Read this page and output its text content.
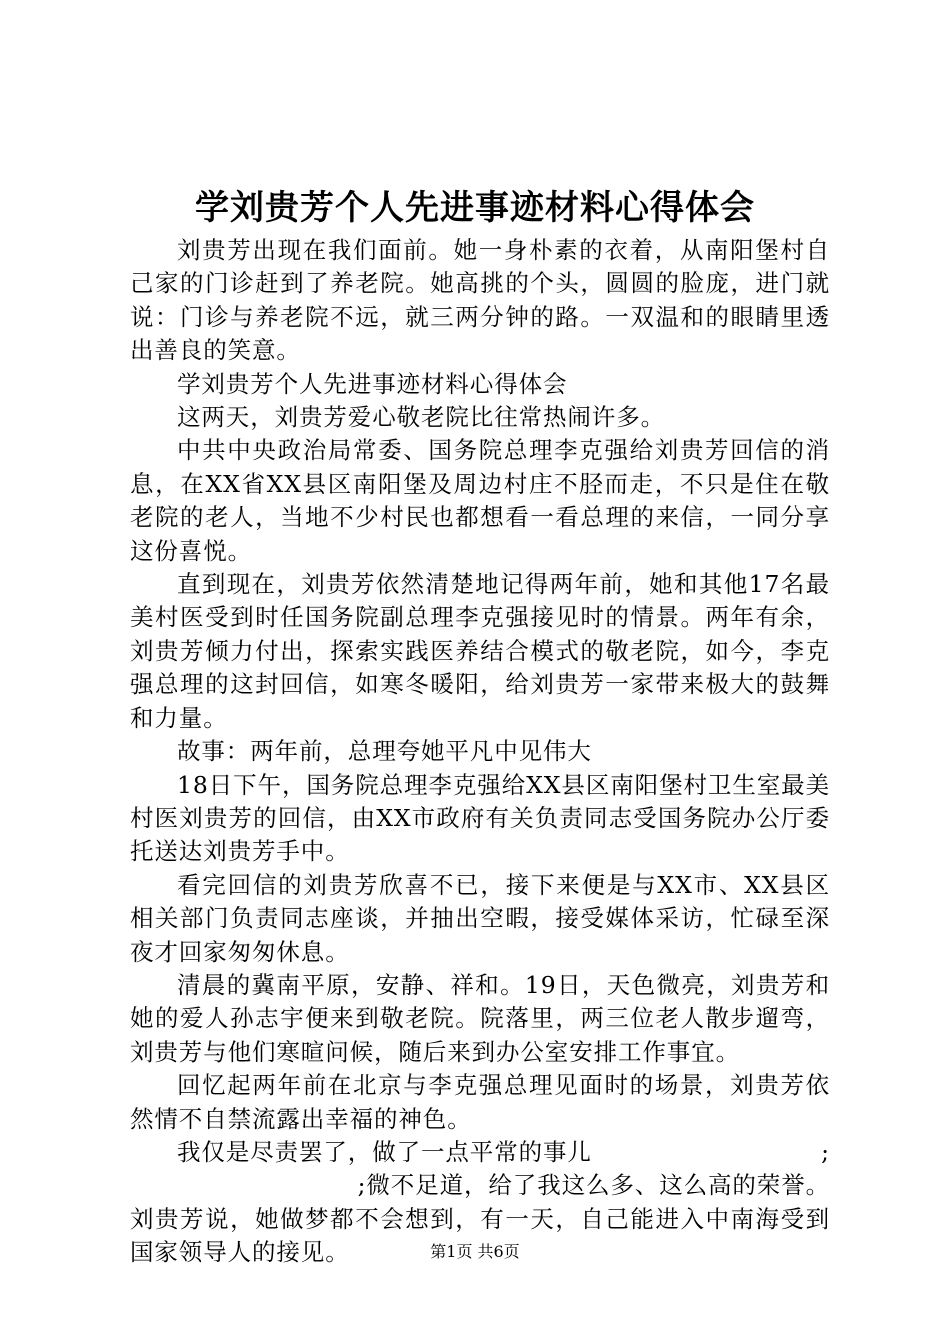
学刘贵芳个人先进事迹材料心得体会

刘贵芳出现在我们面前。她一身朴素的衣着，从南阳堡村自己家的门诊赶到了养老院。她高挑的个头，圆圆的脸庞，进门就说：门诊与养老院不远，就三两分钟的路。一双温和的眼睛里透出善良的笑意。

学刘贵芳个人先进事迹材料心得体会

这两天，刘贵芳爱心敬老院比往常热闹许多。

中共中央政治局常委、国务院总理李克强给刘贵芳回信的消息，在XX省XX县区南阳堡及周边村庄不胫而走，不只是住在敬老院的老人，当地不少村民也都想看一看总理的来信，一同分享这份喜悦。

直到现在，刘贵芳依然清楚地记得两年前，她和其他17名最美村医受到时任国务院副总理李克强接见时的情景。两年有余，刘贵芳倾力付出，探索实践医养结合模式的敬老院，如今，李克强总理的这封回信，如寒冬暖阳，给刘贵芳一家带来极大的鼓舞和力量。

故事：两年前，总理夸她平凡中见伟大

18日下午，国务院总理李克强给XX县区南阳堡村卫生室最美村医刘贵芳的回信，由XX市政府有关负责同志受国务院办公厅委托送达刘贵芳手中。

看完回信的刘贵芳欣喜不已，接下来便是与XX市、XX县区相关部门负责同志座谈，并抽出空暇，接受媒体采访，忙碌至深夜才回家匆匆休息。

清晨的冀南平原，安静、祥和。19日，天色微亮，刘贵芳和她的爱人孙志宇便来到敬老院。院落里，两三位老人散步遛弯，刘贵芳与他们寒暄问候，随后来到办公室安排工作事宜。

回忆起两年前在北京与李克强总理见面时的场景，刘贵芳依然情不自禁流露出幸福的神色。

我仅是尽责罢了，做了一点平常的事儿	;

;微不足道，给了我这么多、这么高的荣誉。

刘贵芳说，她做梦都不会想到，有一天，自己能进入中南海受到国家领导人的接见。	第1页 共6页
